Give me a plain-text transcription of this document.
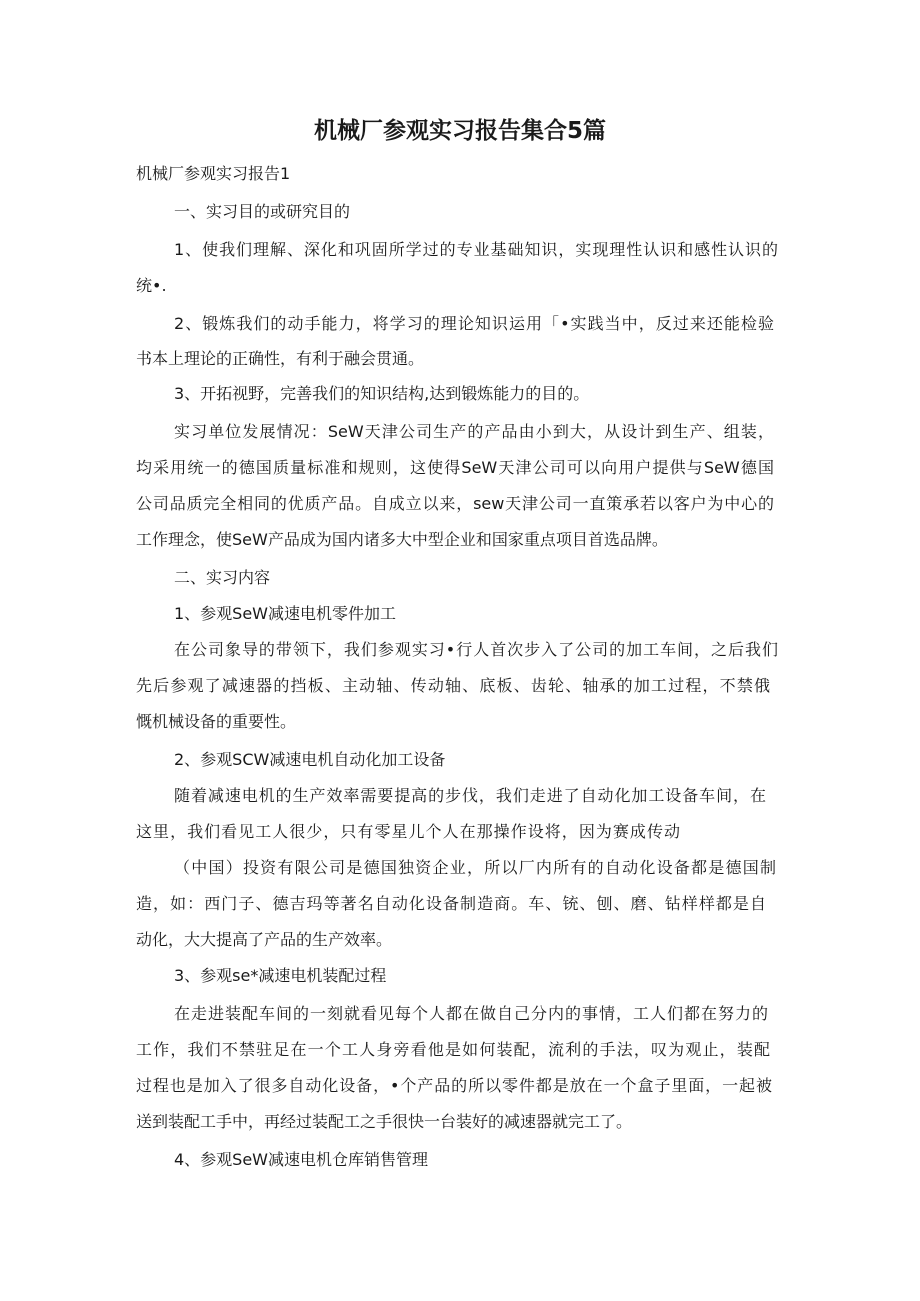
机械厂参观实习报告集合5篇

机械厂参观实习报告1

一、实习目的或研究目的

1、使我们理解、深化和巩固所学过的专业基础知识，实现理性认识和感性认识的

统•.

2、锻炼我们的动手能力，将学习的理论知识运用「•实践当中，反过来还能检验

书本上理论的正确性，有利于融会贯通。

3、开拓视野，完善我们的知识结构,达到锻炼能力的目的。

实习单位发展情况：SeW天津公司生产的产品由小到大，从设计到生产、组装，

均采用统一的德国质量标准和规则，这使得SeW天津公司可以向用户提供与SeW德国

公司品质完全相同的优质产品。自成立以来，sew天津公司一直策承若以客户为中心的

工作理念，使SeW产品成为国内诸多大中型企业和国家重点项目首选品牌。

二、实习内容

1、参观SeW减速电机零件加工

在公司象导的带领下，我们参观实习•行人首次步入了公司的加工车间，之后我们

先后参观了减速器的挡板、主动轴、传动轴、底板、齿轮、轴承的加工过程，不禁俄

慨机械设备的重要性。

2、参观SCW减速电机自动化加工设备

随着减速电机的生产效率需要提高的步伐，我们走进了自动化加工设备车间，在

这里，我们看见工人很少，只有零星儿个人在那操作设将，因为赛成传动

（中国）投资有限公司是德国独资企业，所以厂内所有的自动化设备都是德国制

造，如：西门子、德吉玛等著名自动化设备制造商。车、铳、刨、磨、钻样样都是自

动化，大大提高了产品的生产效率。

3、参观se*减速电机装配过程

在走进装配车间的一刻就看见每个人都在做自己分内的事情，工人们都在努力的

工作，我们不禁驻足在一个工人身旁看他是如何装配，流利的手法，叹为观止，装配

过程也是加入了很多自动化设备，•个产品的所以零件都是放在一个盒子里面，一起被

送到装配工手中，再经过装配工之手很快一台装好的减速器就完工了。

4、参观SeW减速电机仓库销售管理
